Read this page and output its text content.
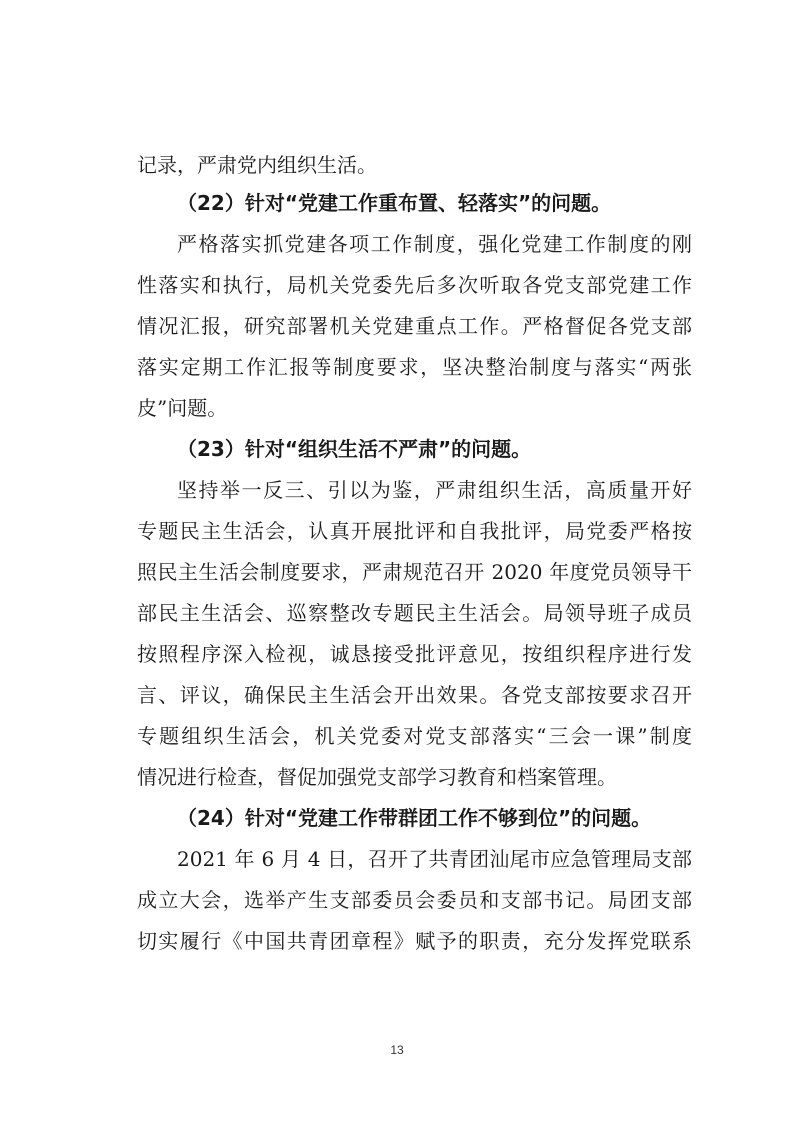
记录，严肃党内组织生活。
（22）针对“党建工作重布置、轻落实”的问题。
严格落实抓党建各项工作制度，强化党建工作制度的刚
性落实和执行，局机关党委先后多次听取各党支部党建工作
情况汇报，研究部署机关党建重点工作。严格督促各党支部
落实定期工作汇报等制度要求，坚决整治制度与落实“两张
皮”问题。
（23）针对“组织生活不严肃”的问题。
坚持举一反三、引以为鉴，严肃组织生活，高质量开好
专题民主生活会，认真开展批评和自我批评，局党委严格按
照民主生活会制度要求，严肃规范召开 2020 年度党员领导干
部民主生活会、巡察整改专题民主生活会。局领导班子成员
按照程序深入检视，诚恳接受批评意见，按组织程序进行发
言、评议，确保民主生活会开出效果。各党支部按要求召开
专题组织生活会，机关党委对党支部落实“三会一课”制度
情况进行检查，督促加强党支部学习教育和档案管理。
（24）针对“党建工作带群团工作不够到位”的问题。
2021 年 6 月 4 日，召开了共青团汕尾市应急管理局支部
成立大会，选举产生支部委员会委员和支部书记。局团支部
切实履行《中国共青团章程》赋予的职责，充分发挥党联系
13
